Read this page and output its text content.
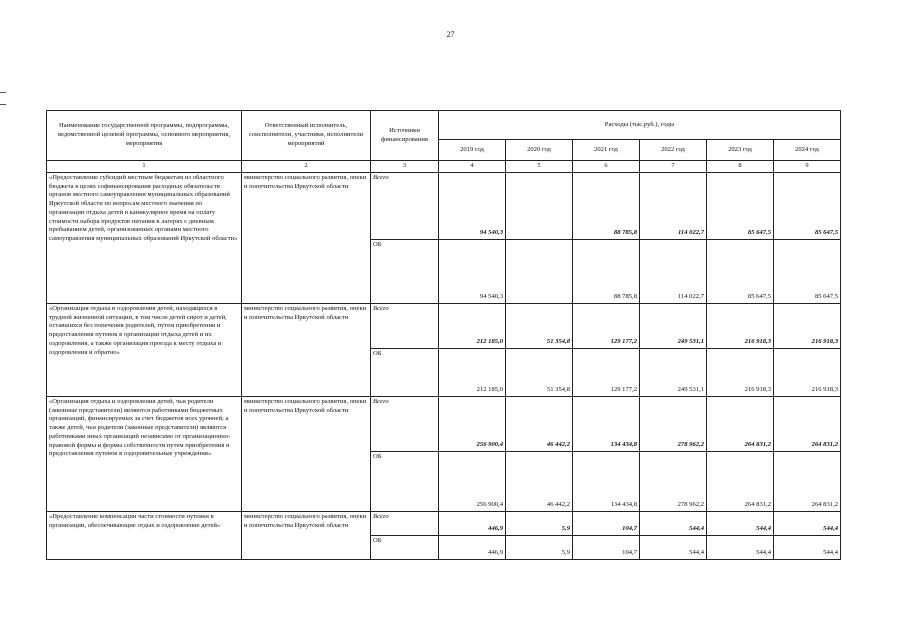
27
Наименование государственной программы, подпрограммы, ведомственной целевой программы, основного мероприятия, мероприятия	Ответственный исполнитель, соисполнители, участники, исполнители мероприятий	Источники финансирования	Расходы (тыс.руб.), годы					
			2019 год	2020 год	2021 год	2022 год	2023 год	2024 год
1	2	3	4	5	6	7	8	9
«Предоставление субсидий местным бюджетам из областного бюджета в целях софинансирования расходных обязательств органов местного самоуправления муниципальных образований Иркутской области по вопросам местного значения по организации отдыха детей в каникулярное время на оплату стоимости набора продуктов питания в лагерях с дневным пребыванием детей, организованных органами местного самоуправления муниципальных образований Иркутской области»	министерство социального развития, опеки и попечительства Иркутской области	Всего	94 540,3		88 785,8	114 022,7	85 647,5	85 647,5
		ОБ	94 540,3		88 785,8	114 022,7	85 647,5	85 647,5
«Организация отдыха и оздоровления детей, находящихся в трудной жизненной ситуации, в том числе детей сирот и детей, оставшихся без попечения родителей, путем приобретения и предоставления путевок в организации отдыха детей и их оздоровления, а также организация проезда к месту отдыха и оздоровления и обратно»	министерство социального развития, опеки и попечительства Иркутской области	Всего	212 185,0	51 354,8	129 177,2	249 531,1	216 918,3	216 918,3
		ОБ	212 185,0	51 354,8	129 177,2	249 531,1	216 918,3	216 918,3
«Организация отдыха и оздоровления детей, чьи родители (законные представители) являются работниками бюджетных организаций, финансируемых за счет бюджетов всех уровней; а также детей, чьи родители (законные представители) являются работниками иных организаций независимо от организационно-правовой формы и формы собственности путем приобретения и предоставления путевок в оздоровительные учреждения»	министерство социального развития, опеки и попечительства Иркутской области	Всего	256 900,4	46 442,2	134 434,8	278 962,2	264 831,2	264 831,2
		ОБ	256 900,4	46 442,2	134 434,8	278 962,2	264 831,2	264 831,2
«Предоставление компенсации части стоимости путевки в организации, обеспечивающие отдых и оздоровление детей»	министерство социального развития, опеки и попечительства Иркутской области	Всего	446,9	5,9	104,7	544,4	544,4	544,4
		ОБ	446,9	5,9	104,7	544,4	544,4	544,4
